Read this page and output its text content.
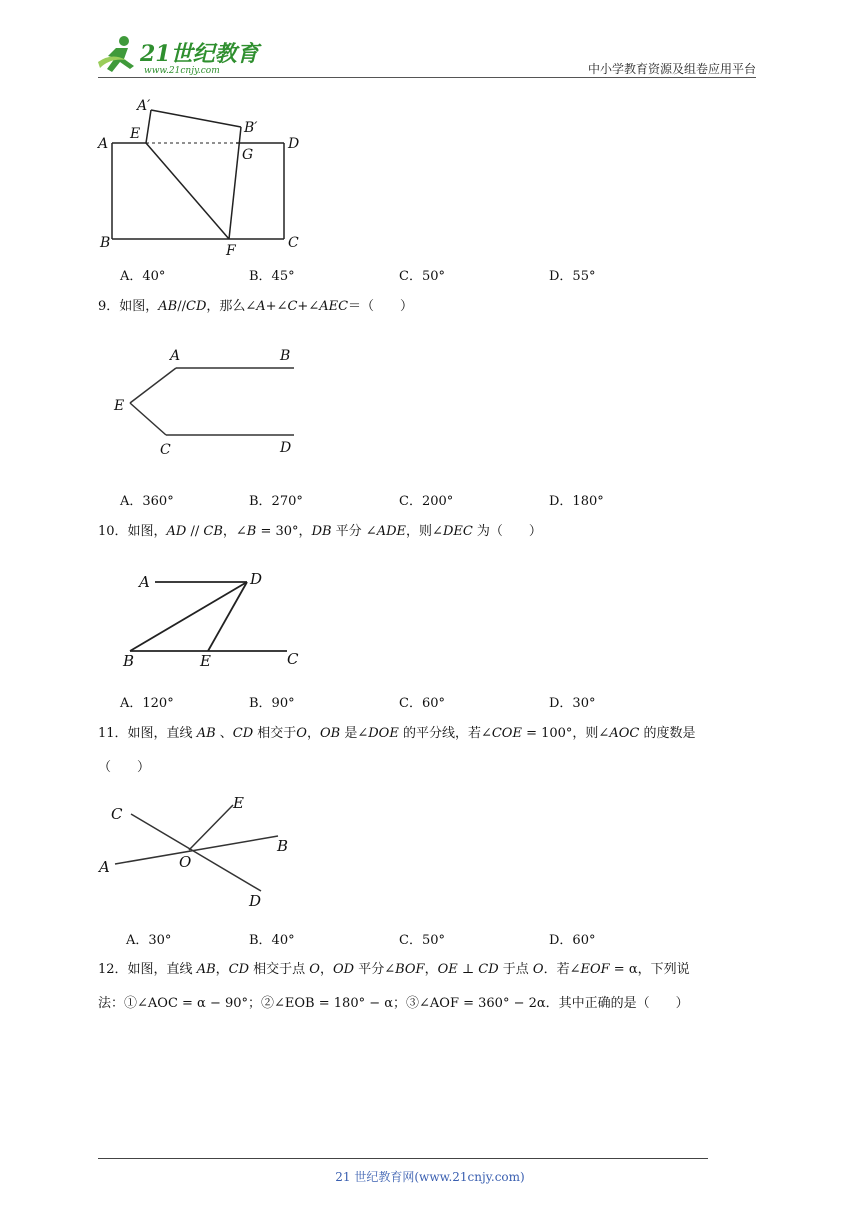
21世纪教育
www.21cnjy.com	中小学教育资源及组卷应用平台
A
A′
E	B′
G
D
B	F	C
A．40°	B．45°	C．50°	D．55°
9．如图，AB//CD，那么∠A+∠C+∠AEC＝（　　）
A	B
E
C	D
A．360°	B．270°	C．200°	D．180°
10．如图，AD // CB，∠B = 30°，DB 平分 ∠ADE，则∠DEC 为（　　）
A	D
B	E	C
A．120°	B．90°	C．60°	D．30°
11．如图，直线 AB 、CD 相交于O，OB 是∠DOE 的平分线，若∠COE = 100°，则∠AOC 的度数是
（　　）
C
E
B
A	O
D
A．30°	B．40°	C．50°	D．60°
12．如图，直线 AB，CD 相交于点 O，OD 平分∠BOF，OE ⊥ CD 于点 O．若∠EOF = α，下列说
法：①∠AOC = α − 90°；②∠EOB = 180° − α；③∠AOF = 360° − 2α．其中正确的是（　　）
21 世纪教育网(www.21cnjy.com)
